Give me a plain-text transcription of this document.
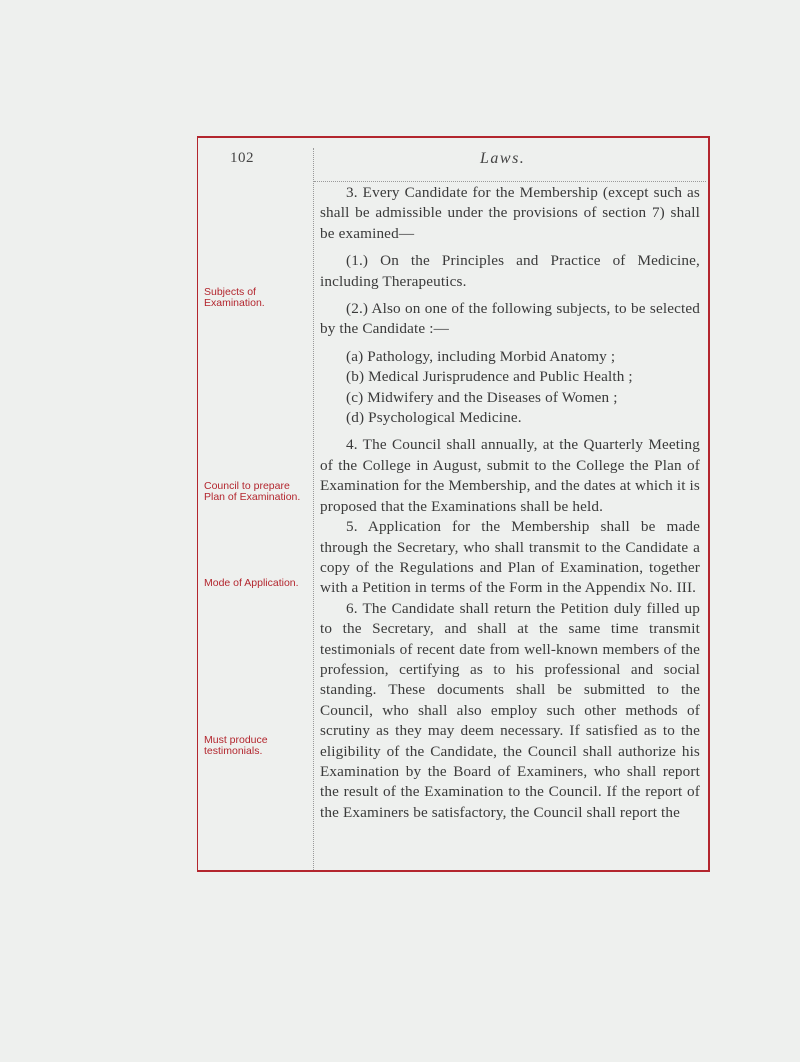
102	Laws.
Subjects of Examination.
Council to prepare Plan of Examination.
Mode of Application.
Must produce testimonials.

3. Every Candidate for the Membership (except such as shall be admissible under the provisions of section 7) shall be examined—

(1.) On the Principles and Practice of Medicine, including Therapeutics.

(2.) Also on one of the following subjects, to be selected by the Candidate :—

(a) Pathology, including Morbid Anatomy ;

(b) Medical Jurisprudence and Public Health ;

(c) Midwifery and the Diseases of Women ;

(d) Psychological Medicine.

4. The Council shall annually, at the Quarterly Meeting of the College in August, submit to the College the Plan of Examination for the Membership, and the dates at which it is proposed that the Examinations shall be held.

5. Application for the Membership shall be made through the Secretary, who shall transmit to the Candidate a copy of the Regulations and Plan of Examination, together with a Petition in terms of the Form in the Appendix No. III.

6. The Candidate shall return the Petition duly filled up to the Secretary, and shall at the same time transmit testimonials of recent date from well-known members of the profession, certifying as to his professional and social standing. These documents shall be submitted to the Council, who shall also employ such other methods of scrutiny as they may deem necessary. If satisfied as to the eligibility of the Candidate, the Council shall authorize his Examination by the Board of Examiners, who shall report the result of the Examination to the Council. If the report of the Examiners be satisfactory, the Council shall report the
